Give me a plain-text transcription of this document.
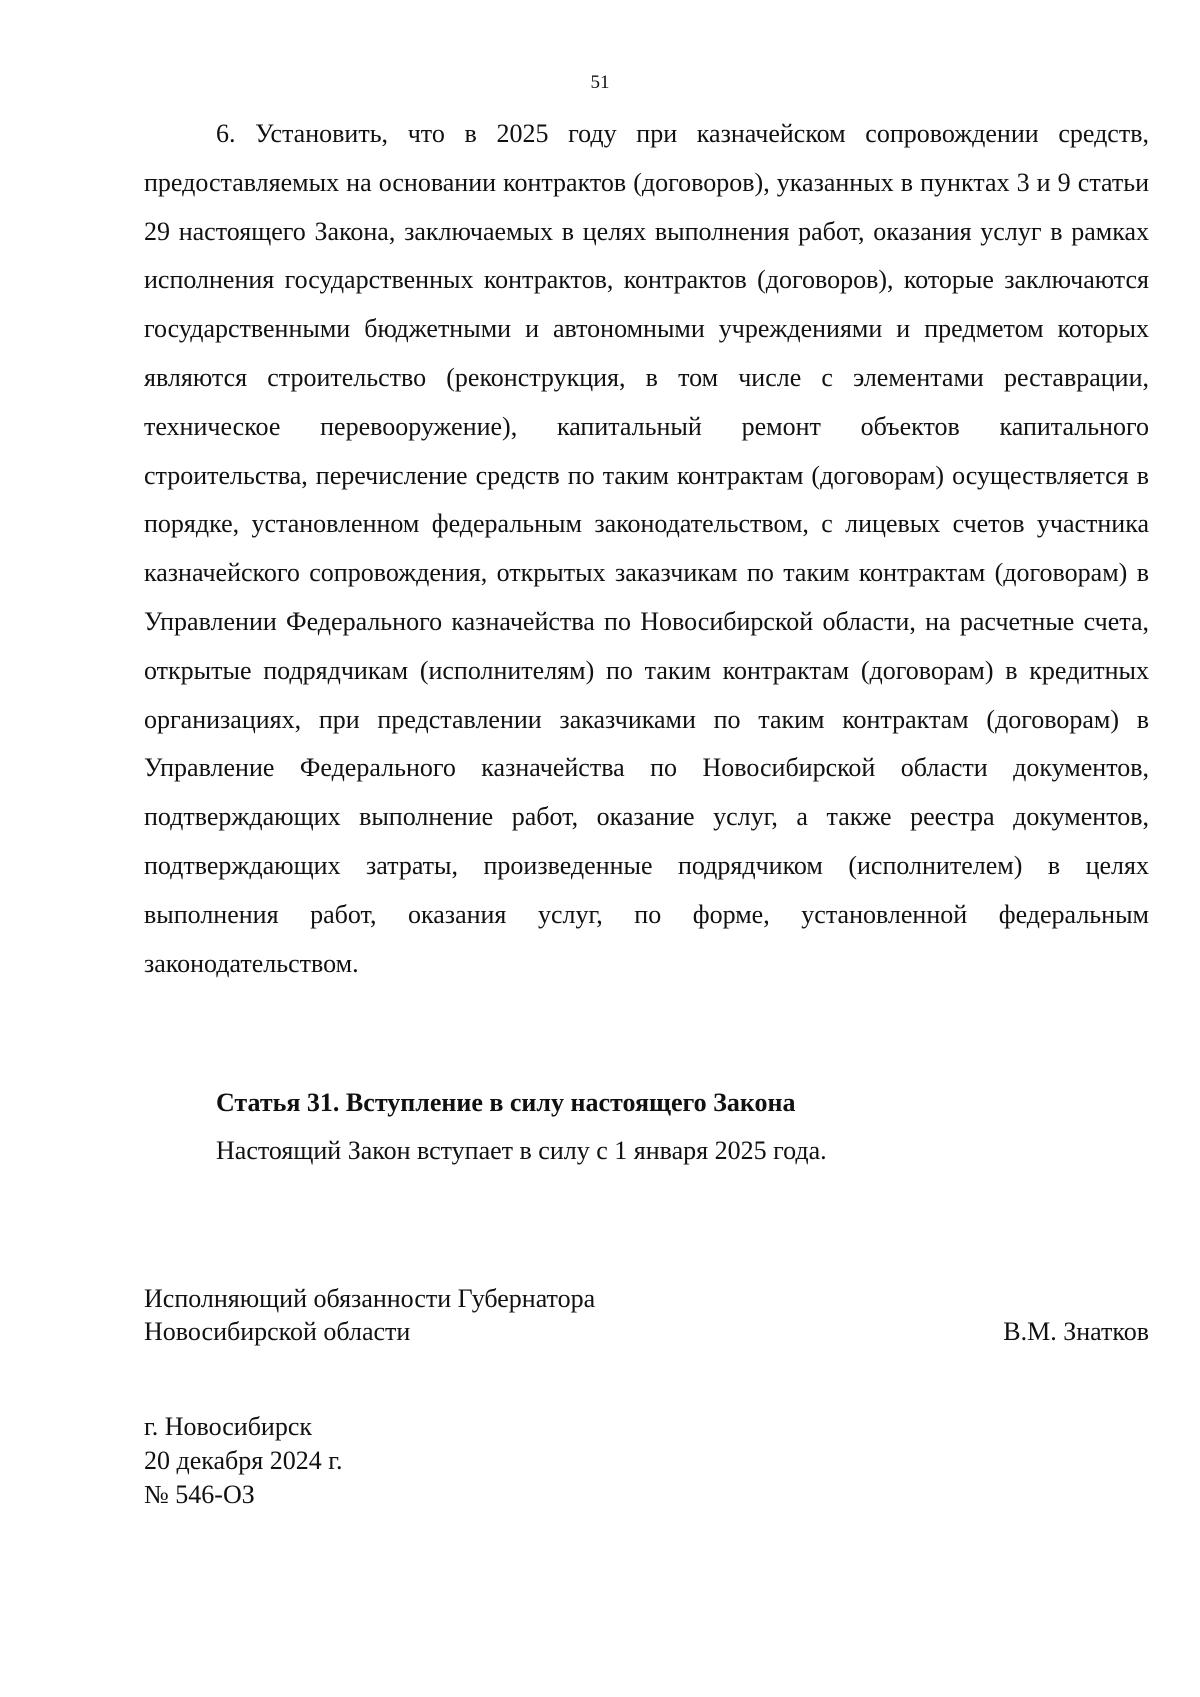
51

6. Установить, что в 2025 году при казначейском сопровождении средств, предоставляемых на основании контрактов (договоров), указанных в пунктах 3 и 9 статьи 29 настоящего Закона, заключаемых в целях выполнения работ, оказания услуг в рамках исполнения государственных контрактов, контрактов (договоров), которые заключаются государственными бюджетными и автономными учреждениями и предметом которых являются строительство (реконструкция, в том числе с элементами реставрации, техническое перевооружение), капитальный ремонт объектов капитального строительства, перечисление средств по таким контрактам (договорам) осуществляется в порядке, установленном федеральным законодательством, с лицевых счетов участника казначейского сопровождения, открытых заказчикам по таким контрактам (договорам) в Управлении Федерального казначейства по Новосибирской области, на расчетные счета, открытые подрядчикам (исполнителям) по таким контрактам (договорам) в кредитных организациях, при представлении заказчиками по таким контрактам (договорам) в Управление Федерального казначейства по Новосибирской области документов, подтверждающих выполнение работ, оказание услуг, а также реестра документов, подтверждающих затраты, произведенные подрядчиком (исполнителем) в целях выполнения работ, оказания услуг, по форме, установленной федеральным законодательством.

Статья 31. Вступление в силу настоящего Закона

Настоящий Закон вступает в силу с 1 января 2025 года.

Исполняющий обязанности Губернатора
Новосибирской области	В.М. Знатков
г. Новосибирск
20 декабря 2024 г.
№ 546-ОЗ
